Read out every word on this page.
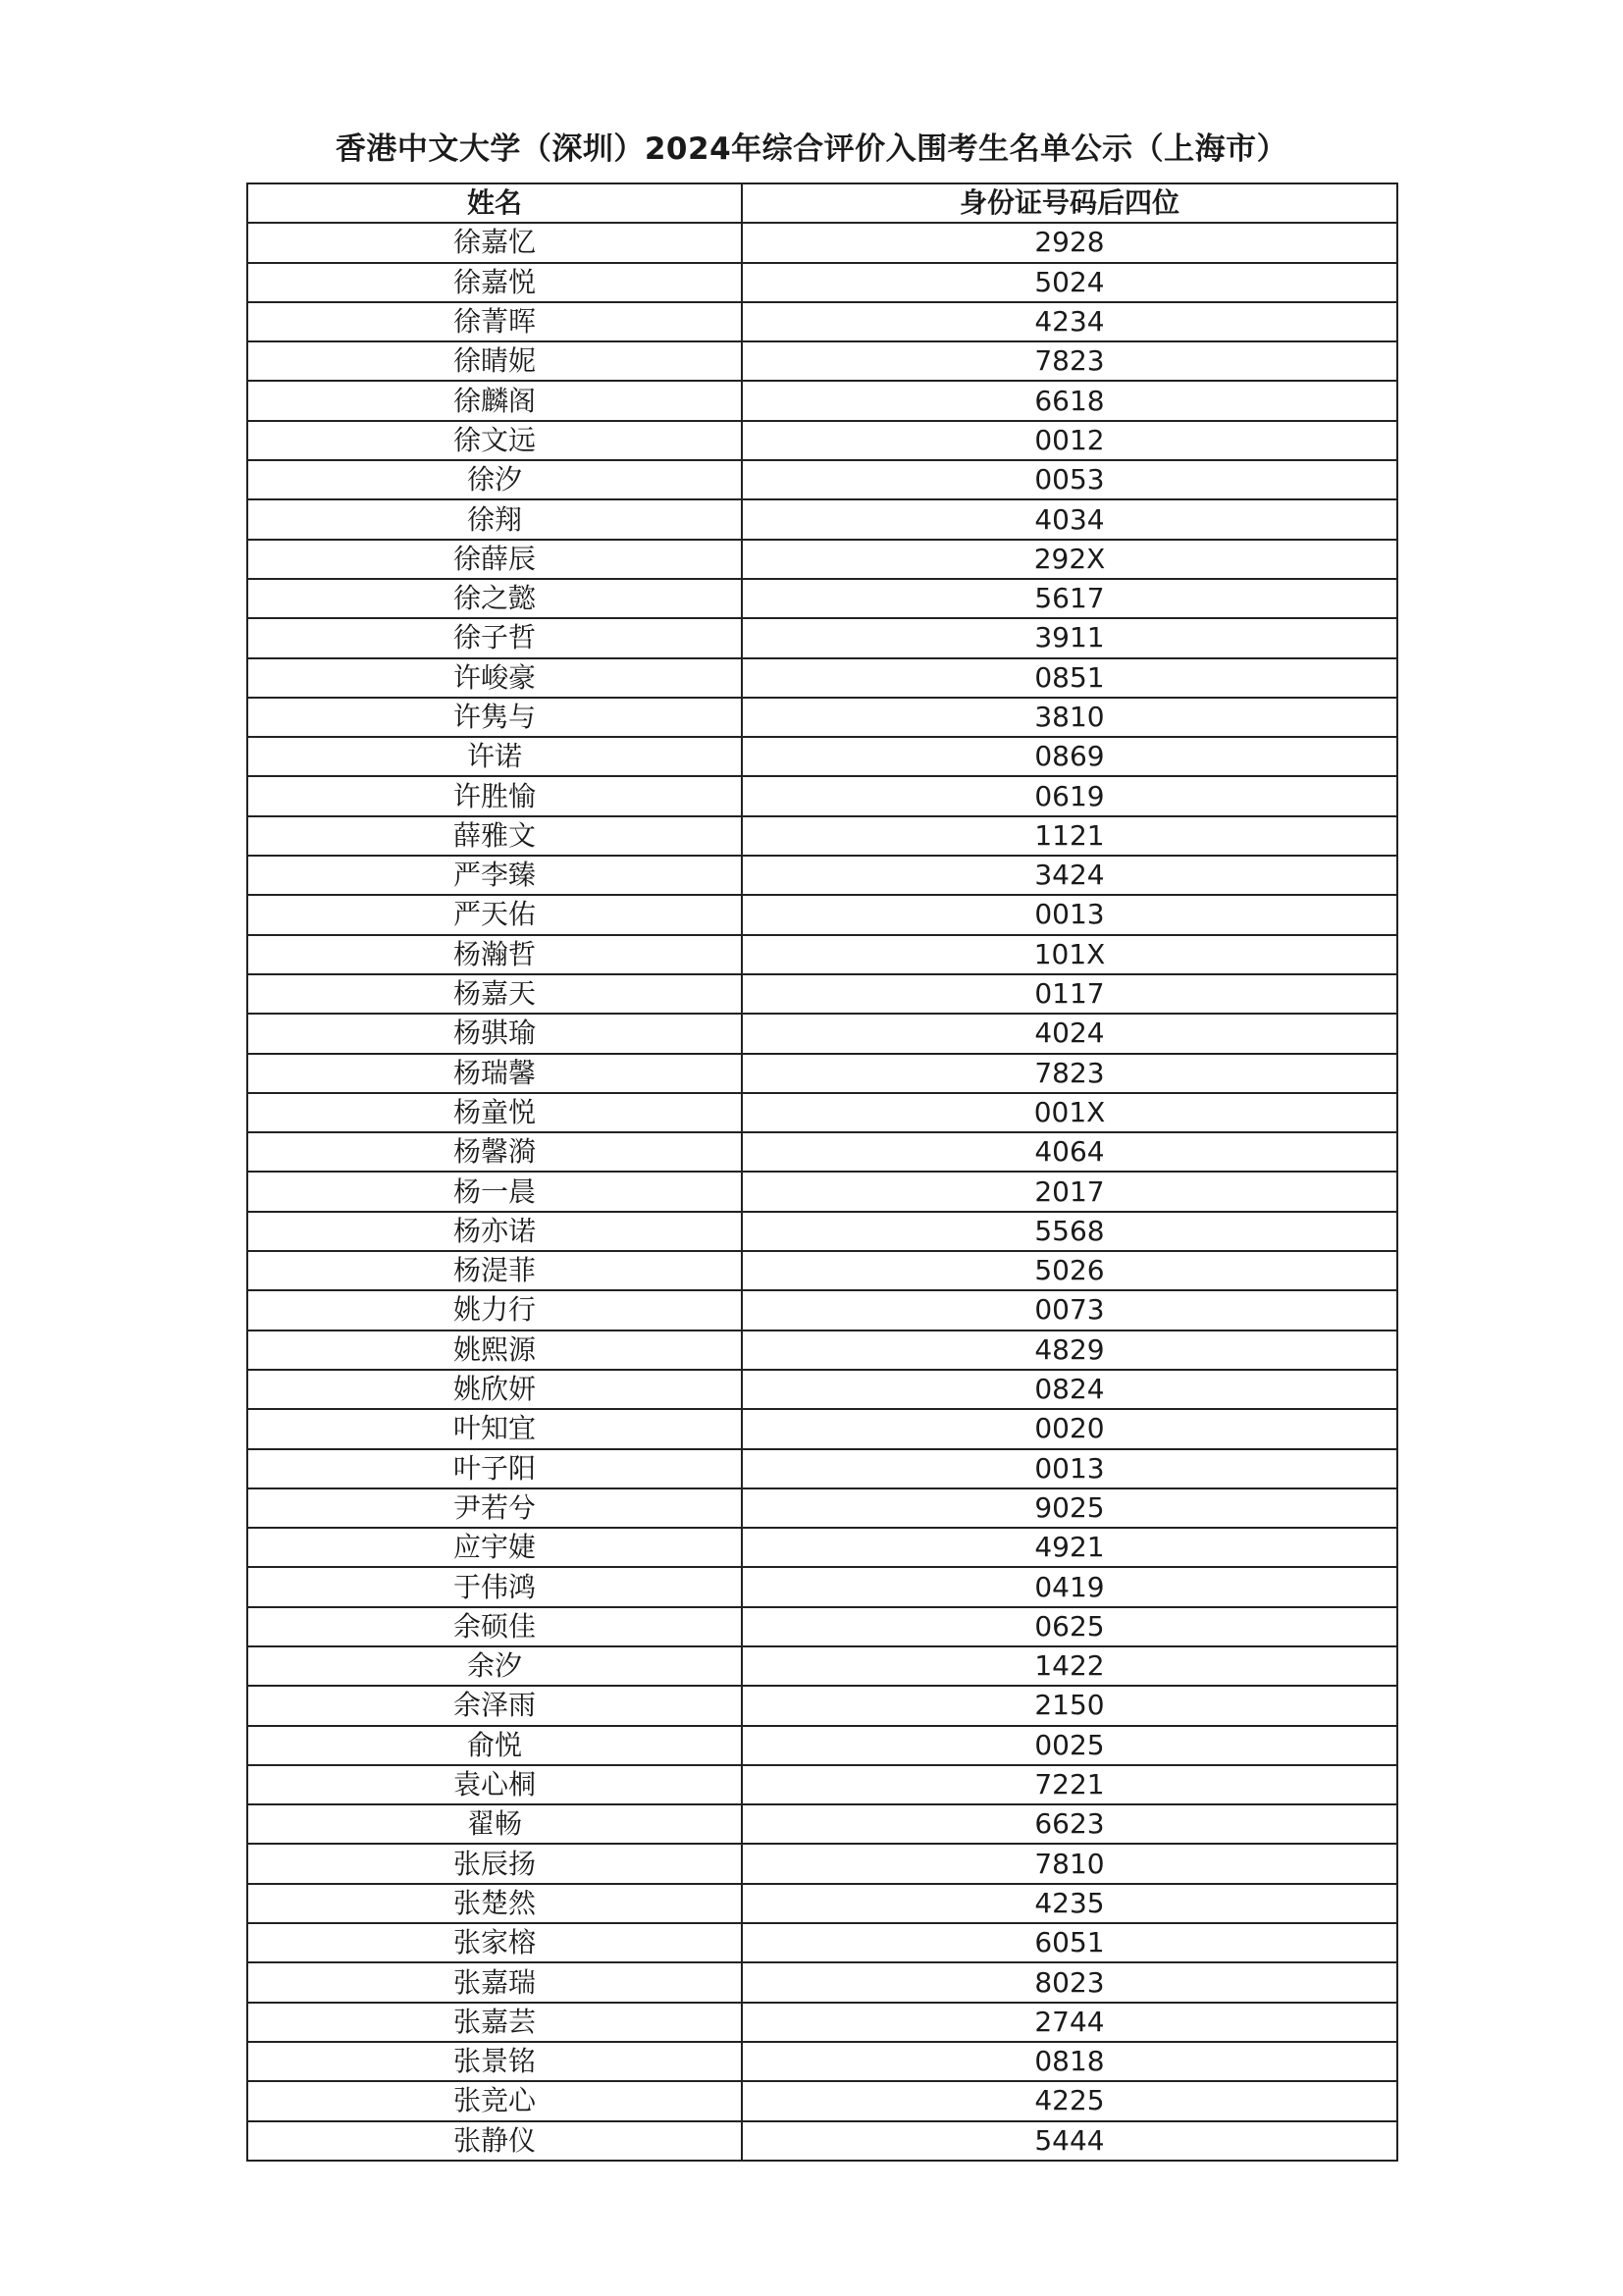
香港中文大学（深圳）2024年综合评价入围考生名单公示（上海市）
姓名	身份证号码后四位
徐嘉忆	2928
徐嘉悦	5024
徐菁晖	4234
徐睛妮	7823
徐麟阁	6618
徐文远	0012
徐汐	0053
徐翔	4034
徐薛辰	292X
徐之懿	5617
徐子哲	3911
许峻豪	0851
许隽与	3810
许诺	0869
许胜愉	0619
薛雅文	1121
严李臻	3424
严天佑	0013
杨瀚哲	101X
杨嘉天	0117
杨骐瑜	4024
杨瑞馨	7823
杨童悦	001X
杨馨漪	4064
杨一晨	2017
杨亦诺	5568
杨湜菲	5026
姚力行	0073
姚熙源	4829
姚欣妍	0824
叶知宜	0020
叶子阳	0013
尹若兮	9025
应宇婕	4921
于伟鸿	0419
余硕佳	0625
余汐	1422
余泽雨	2150
俞悦	0025
袁心桐	7221
翟畅	6623
张辰扬	7810
张楚然	4235
张家榕	6051
张嘉瑞	8023
张嘉芸	2744
张景铭	0818
张竞心	4225
张静仪	5444
